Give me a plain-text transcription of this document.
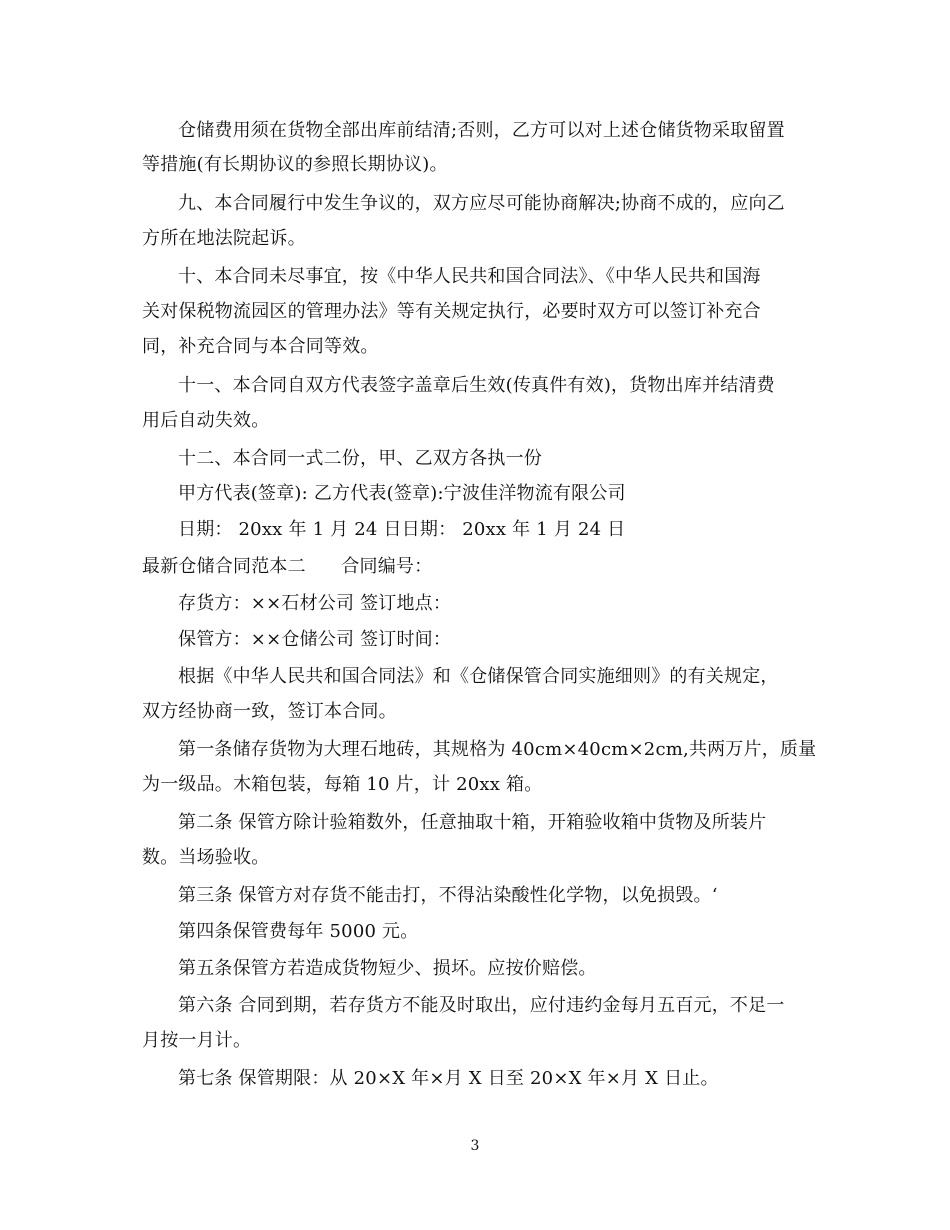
仓储费用须在货物全部出库前结清;否则，乙方可以对上述仓储货物采取留置
等措施(有长期协议的参照长期协议)。
九、本合同履行中发生争议的，双方应尽可能协商解决;协商不成的，应向乙
方所在地法院起诉。
十、本合同未尽事宜，按《中华人民共和国合同法》、《中华人民共和国海
关对保税物流园区的管理办法》等有关规定执行，必要时双方可以签订补充合
同，补充合同与本合同等效。
十一、本合同自双方代表签字盖章后生效(传真件有效)，货物出库并结清费
用后自动失效。
十二、本合同一式二份，甲、乙双方各执一份
甲方代表(签章): 乙方代表(签章):宁波佳洋物流有限公司
日期： 20xx 年 1 月 24 日日期： 20xx 年 1 月 24 日
最新仓储合同范本二      合同编号：
存货方：××石材公司 签订地点：
保管方：××仓储公司 签订时间：
根据《中华人民共和国合同法》和《仓储保管合同实施细则》的有关规定，
双方经协商一致，签订本合同。
第一条储存货物为大理石地砖，其规格为 40cm×40cm×2cm,共两万片，质量
为一级品。木箱包装，每箱 10 片，计 20xx 箱。
第二条 保管方除计验箱数外，任意抽取十箱，开箱验收箱中货物及所装片
数。当场验收。
第三条 保管方对存货不能击打，不得沾染酸性化学物，以免损毁。‘
第四条保管费每年 5000 元。
第五条保管方若造成货物短少、损坏。应按价赔偿。
第六条 合同到期，若存货方不能及时取出，应付违约金每月五百元，不足一
月按一月计。
第七条 保管期限：从 20×X 年×月 X 日至 20×X 年×月 X 日止。
3
